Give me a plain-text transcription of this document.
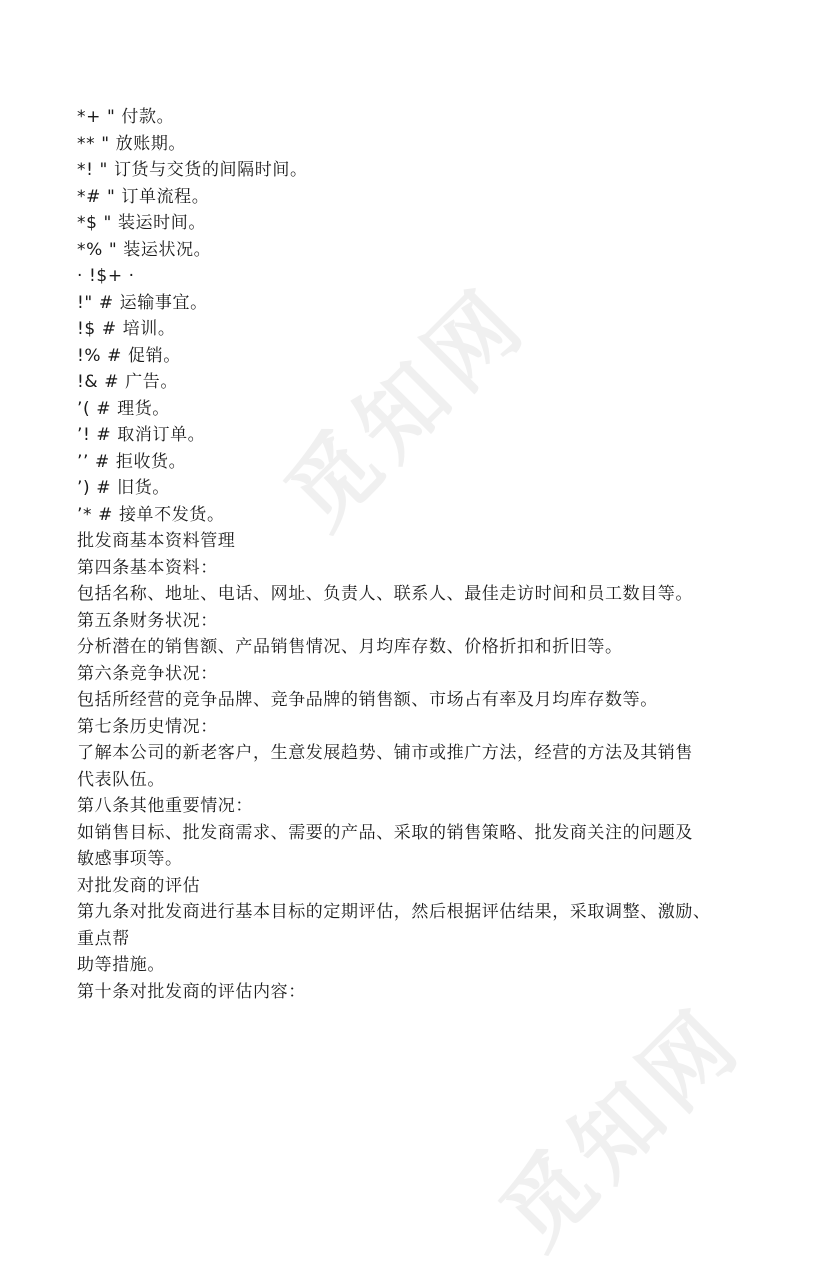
觅知网
觅知网
*+ " 付款。
** " 放账期。
*! " 订货与交货的间隔时间。
*# " 订单流程。
*$ " 装运时间。
*% " 装运状况。
· !$+ ·
!" # 运输事宜。
!$ # 培训。
!% # 促销。
!& # 广告。
’( # 理货。
’! # 取消订单。
’’ # 拒收货。
’) # 旧货。
’* # 接单不发货。
批发商基本资料管理
第四条基本资料：
包括名称、地址、电话、网址、负责人、联系人、最佳走访时间和员工数目等。
第五条财务状况：
分析潜在的销售额、产品销售情况、月均库存数、价格折扣和折旧等。
第六条竞争状况：
包括所经营的竞争品牌、竞争品牌的销售额、市场占有率及月均库存数等。
第七条历史情况：
了解本公司的新老客户，生意发展趋势、铺市或推广方法，经营的方法及其销售
代表队伍。
第八条其他重要情况：
如销售目标、批发商需求、需要的产品、采取的销售策略、批发商关注的问题及
敏感事项等。
对批发商的评估
第九条对批发商进行基本目标的定期评估，然后根据评估结果，采取调整、激励、
重点帮
助等措施。
第十条对批发商的评估内容：
